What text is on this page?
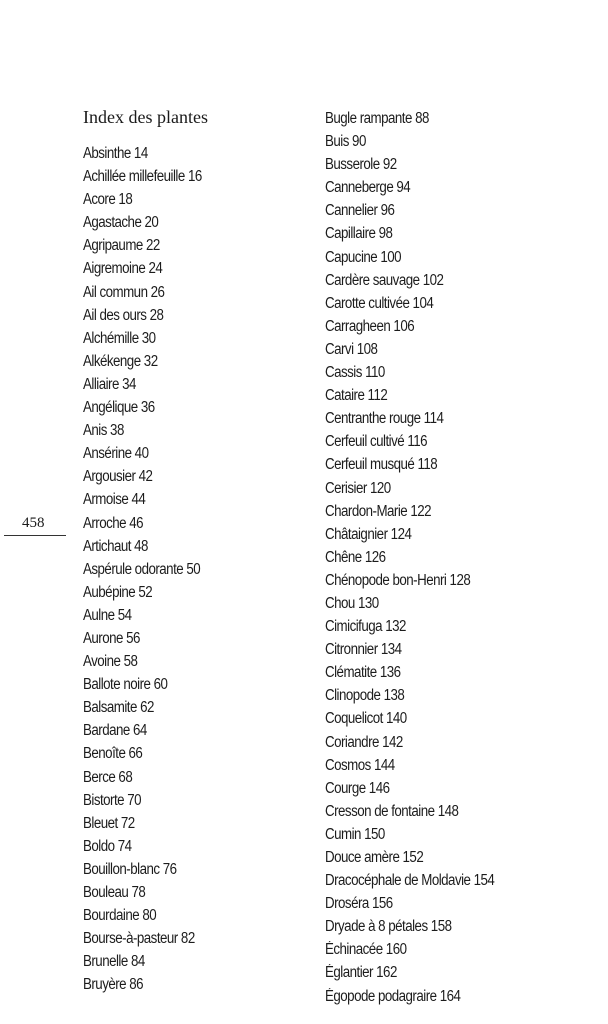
458
Index des plantes
Absinthe 14
Achillée millefeuille 16
Acore 18
Agastache 20
Agripaume 22
Aigremoine 24
Ail commun 26
Ail des ours 28
Alchémille 30
Alkékenge 32
Alliaire 34
Angélique 36
Anis 38
Ansérine 40
Argousier 42
Armoise 44
Arroche 46
Artichaut 48
Aspérule odorante 50
Aubépine 52
Aulne 54
Aurone 56
Avoine 58
Ballote noire 60
Balsamite 62
Bardane 64
Benoîte 66
Berce 68
Bistorte 70
Bleuet 72
Boldo 74
Bouillon-blanc 76
Bouleau 78
Bourdaine 80
Bourse-à-pasteur 82
Brunelle 84
Bruyère 86
Bugle rampante 88
Buis 90
Busserole 92
Canneberge 94
Cannelier 96
Capillaire 98
Capucine 100
Cardère sauvage 102
Carotte cultivée 104
Carragheen 106
Carvi 108
Cassis 110
Cataire 112
Centranthe rouge 114
Cerfeuil cultivé 116
Cerfeuil musqué 118
Cerisier 120
Chardon-Marie 122
Châtaignier 124
Chêne 126
Chénopode bon-Henri 128
Chou 130
Cimicifuga 132
Citronnier 134
Clématite 136
Clinopode 138
Coquelicot 140
Coriandre 142
Cosmos 144
Courge 146
Cresson de fontaine 148
Cumin 150
Douce amère 152
Dracocéphale de Moldavie 154
Droséra 156
Dryade à 8 pétales 158
Échinacée 160
Églantier 162
Égopode podagraire 164
